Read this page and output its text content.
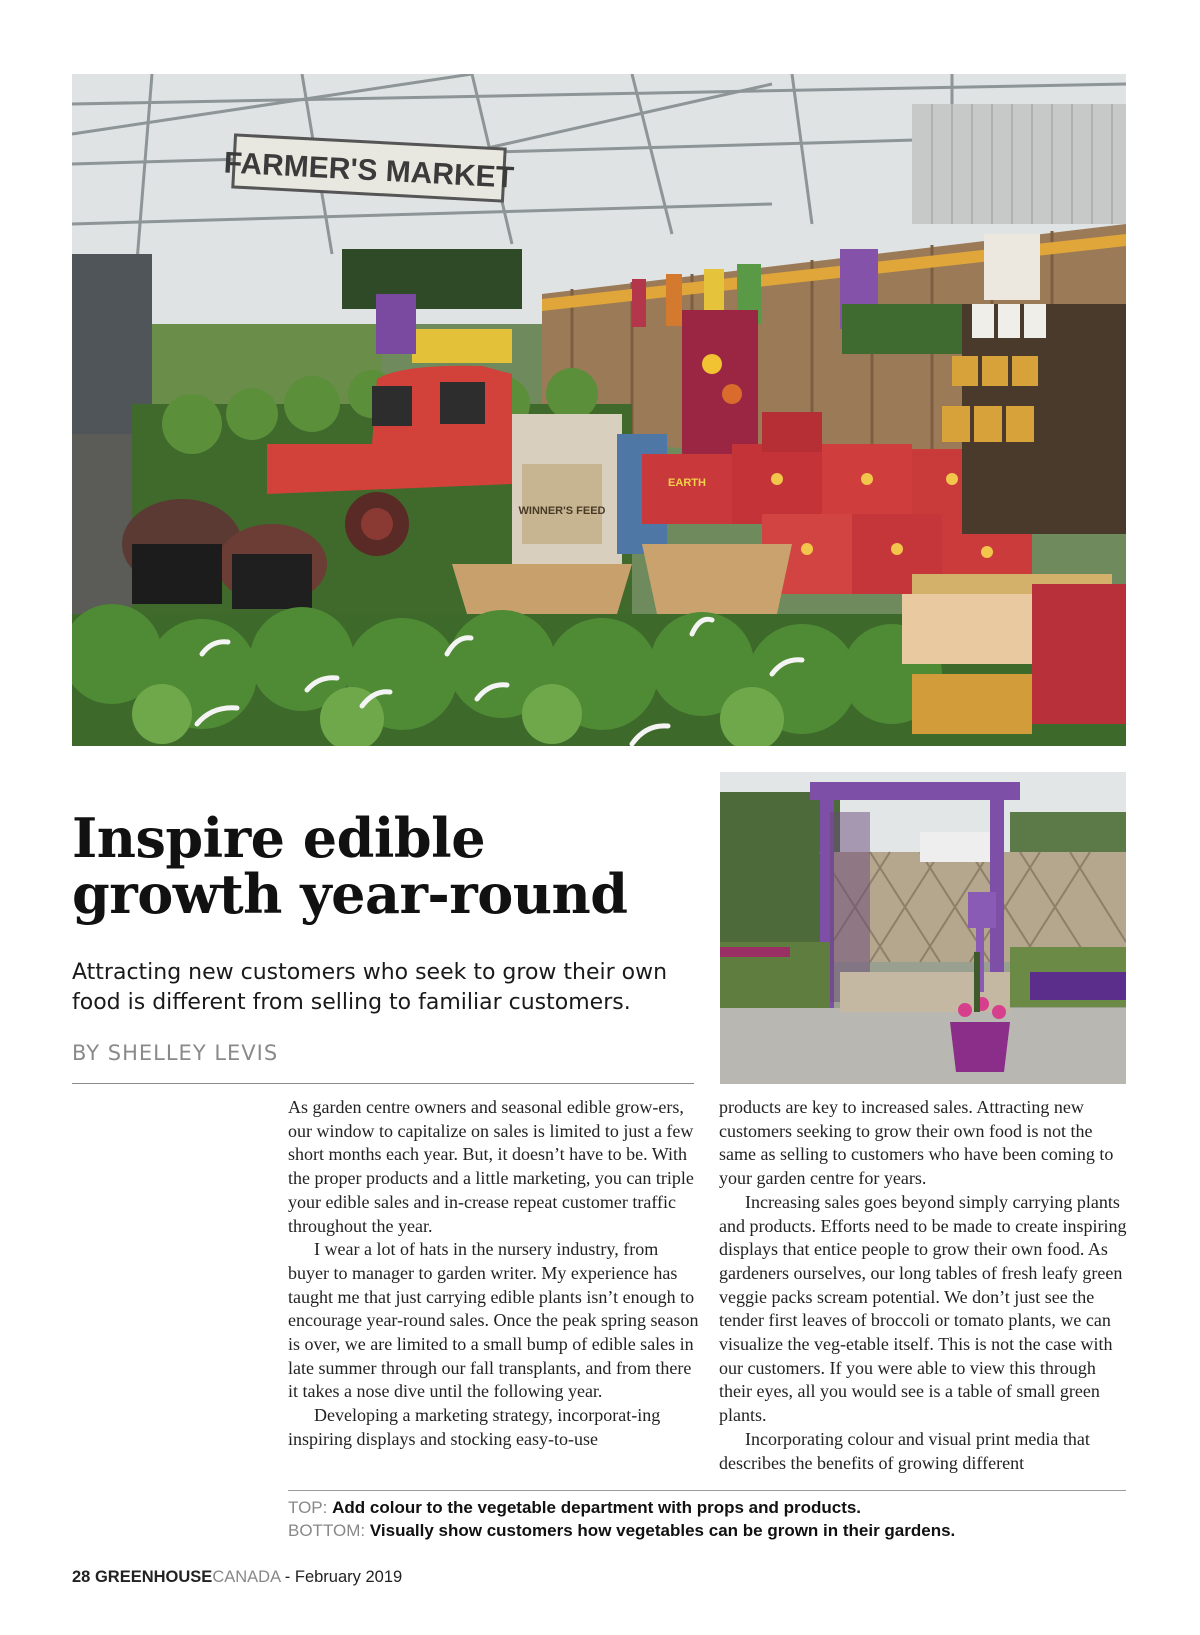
FARMER'S MARKET
WINNER'S FEED
EARTH
Inspire edible
growth year-round

Attracting new customers who seek to grow their own food is different from selling to familiar customers.

BY SHELLEY LEVIS

As garden centre owners and seasonal edible grow-ers, our window to capitalize on sales is limited to just a few short months each year. But, it doesn’t have to be. With the proper products and a little marketing, you can triple your edible sales and in-crease repeat customer traffic throughout the year.

I wear a lot of hats in the nursery industry, from buyer to manager to garden writer. My experience has taught me that just carrying edible plants isn’t enough to encourage year-round sales. Once the peak spring season is over, we are limited to a small bump of edible sales in late summer through our fall transplants, and from there it takes a nose dive until the following year.

Developing a marketing strategy, incorporat-ing inspiring displays and stocking easy-to-use

products are key to increased sales. Attracting new customers seeking to grow their own food is not the same as selling to customers who have been coming to your garden centre for years.

Increasing sales goes beyond simply carrying plants and products. Efforts need to be made to create inspiring displays that entice people to grow their own food. As gardeners ourselves, our long tables of fresh leafy green veggie packs scream potential. We don’t just see the tender first leaves of broccoli or tomato plants, we can visualize the veg-etable itself. This is not the case with our customers. If you were able to view this through their eyes, all you would see is a table of small green plants.

Incorporating colour and visual print media that describes the benefits of growing different

TOP: Add colour to the vegetable department with props and products.
BOTTOM: Visually show customers how vegetables can be grown in their gardens.
28 GREENHOUSECANADA - February 2019
